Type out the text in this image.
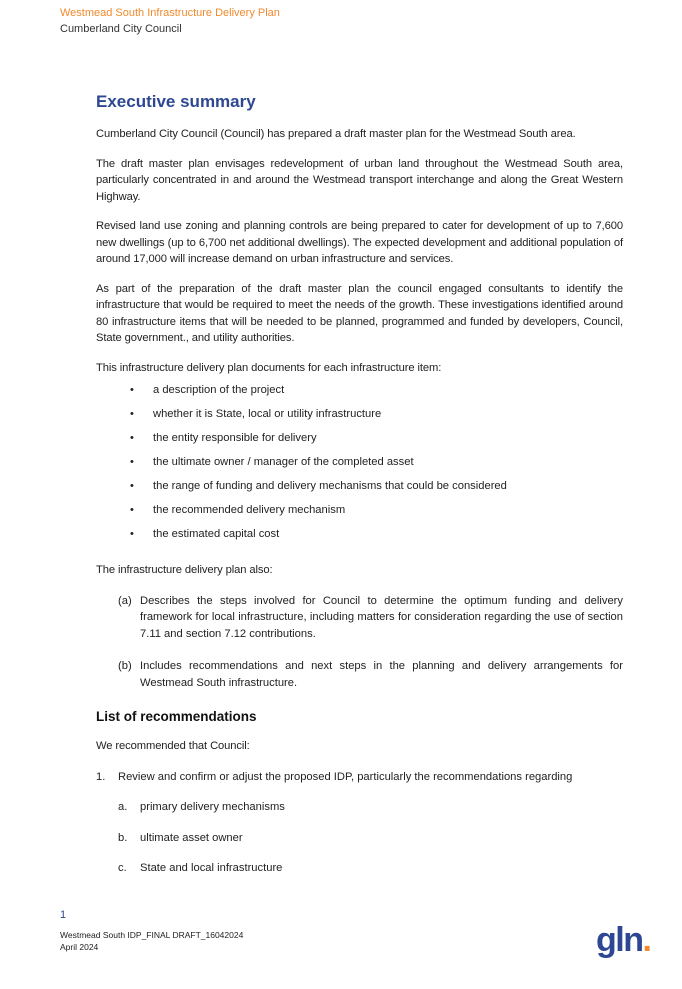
Westmead South Infrastructure Delivery Plan
Cumberland City Council
Executive summary

Cumberland City Council (Council) has prepared a draft master plan for the Westmead South area.

The draft master plan envisages redevelopment of urban land throughout the Westmead South area, particularly concentrated in and around the Westmead transport interchange and along the Great Western Highway.

Revised land use zoning and planning controls are being prepared to cater for development of up to 7,600 new dwellings (up to 6,700 net additional dwellings). The expected development and additional population of around 17,000 will increase demand on urban infrastructure and services.

As part of the preparation of the draft master plan the council engaged consultants to identify the infrastructure that would be required to meet the needs of the growth. These investigations identified around 80 infrastructure items that will be needed to be planned, programmed and funded by developers, Council, State government., and utility authorities.

This infrastructure delivery plan documents for each infrastructure item:

• a description of the project
• whether it is State, local or utility infrastructure
• the entity responsible for delivery
• the ultimate owner / manager of the completed asset
• the range of funding and delivery mechanisms that could be considered
• the recommended delivery mechanism
• the estimated capital cost

The infrastructure delivery plan also:

(a) Describes the steps involved for Council to determine the optimum funding and delivery framework for local infrastructure, including matters for consideration regarding the use of section 7.11 and section 7.12 contributions.
(b) Includes recommendations and next steps in the planning and delivery arrangements for Westmead South infrastructure.
List of recommendations

We recommended that Council:

1. Review and confirm or adjust the proposed IDP, particularly the recommendations regarding
a. primary delivery mechanisms
b. ultimate asset owner
c. State and local infrastructure
1
Westmead South IDP_FINAL DRAFT_16042024
April 2024	gln.
